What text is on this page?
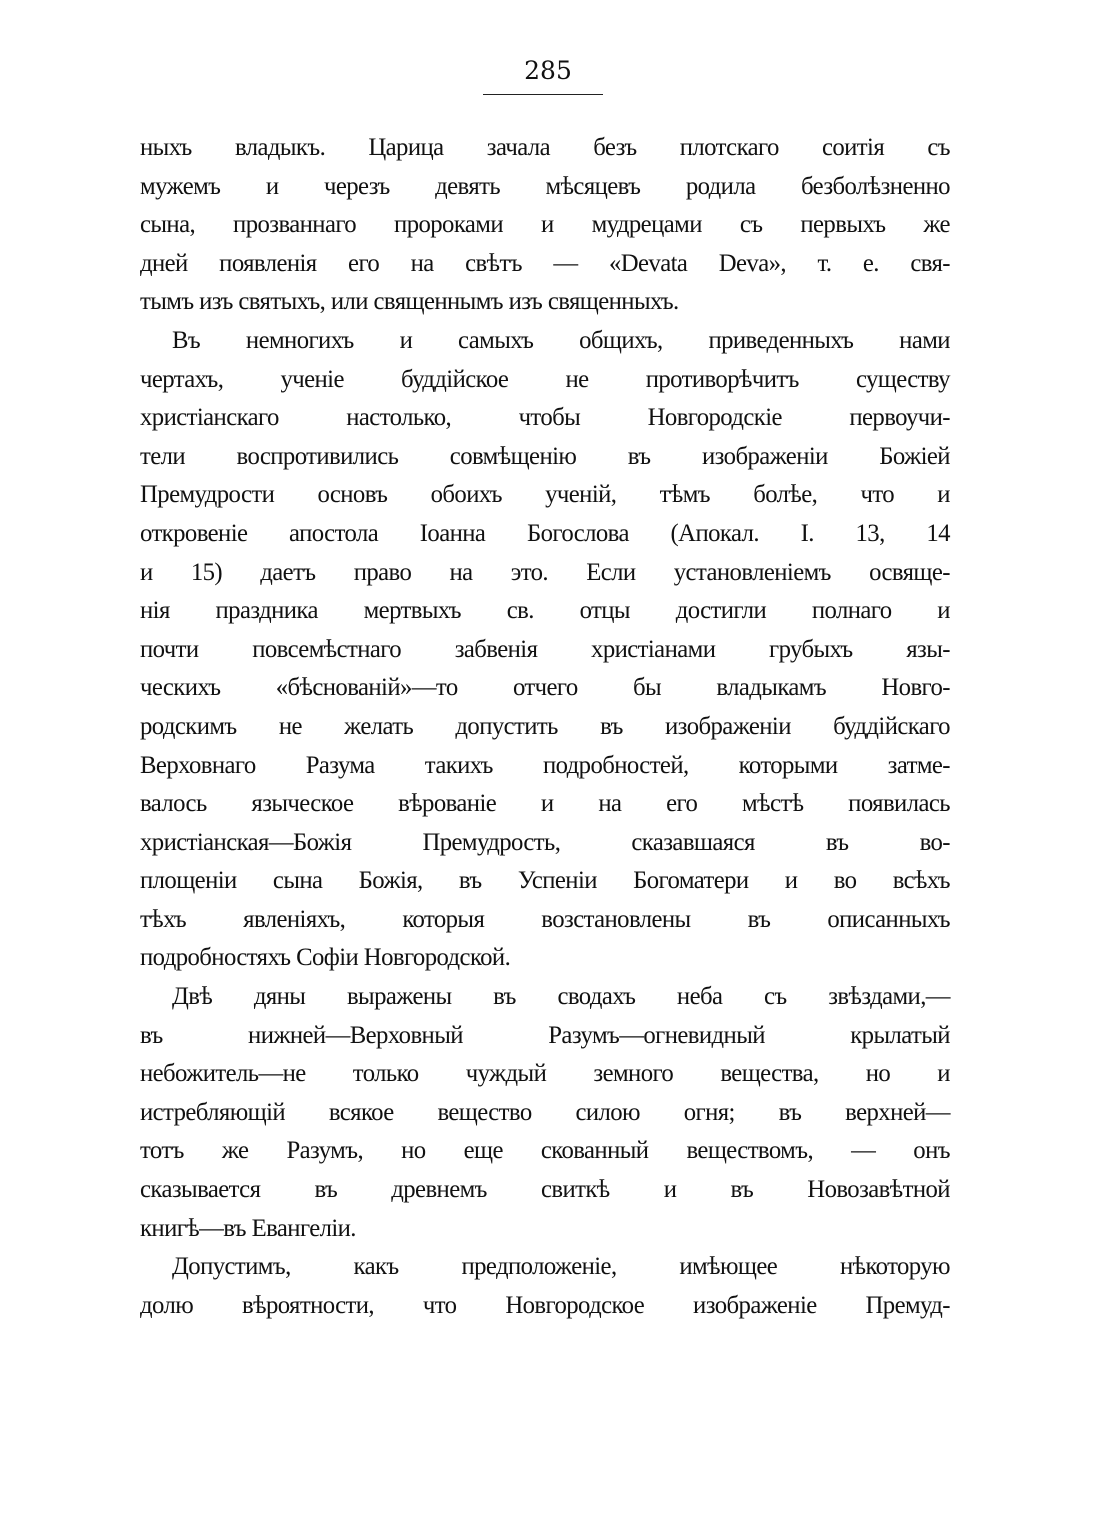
285
ныхъ владыкъ. Царица зачала безъ плотскаго соитія съ
мужемъ и черезъ девять мѣсяцевъ родила безболѣзненно
сына, прозваннаго пророками и мудрецами съ первыхъ же
дней появленія его на свѣтъ — «Devata Deva», т. е. свя-
тымъ изъ святыхъ, или священнымъ изъ священныхъ.
Въ немногихъ и самыхъ общихъ, приведенныхъ нами
чертахъ, ученіе буддійское не противорѣчитъ существу
христіанскаго настолько, чтобы Новгородскіе первоучи-
тели воспротивились совмѣщенію въ изображеніи Божіей
Премудрости основъ обоихъ ученій, тѣмъ болѣе, что и
откровеніе апостола Іоанна Богослова (Апокал. І. 13, 14
и 15) даетъ право на это. Если установленіемъ освяще-
нія праздника мертвыхъ св. отцы достигли полнаго и
почти повсемѣстнаго забвенія христіанами грубыхъ язы-
ческихъ «бѣснованій»—то отчего бы владыкамъ Новго-
родскимъ не желать допустить въ изображеніи буддійскаго
Верховнаго Разума такихъ подробностей, которыми затме-
валось языческое вѣрованіе и на его мѣстѣ появилась
христіанская—Божія Премудрость, сказавшаяся въ во-
площеніи сына Божія, въ Успеніи Богоматери и во всѣхъ
тѣхъ явленіяхъ, которыя возстановлены въ описанныхъ
подробностяхъ Софіи Новгородской.
Двѣ дяны выражены въ сводахъ неба съ звѣздами,—
въ нижней—Верховный Разумъ—огневидный крылатый
небожитель—не только чуждый земного вещества, но и
истребляющій всякое вещество силою огня; въ верхней—
тотъ же Разумъ, но еще скованный веществомъ, — онъ
сказывается въ древнемъ свиткѣ и въ Новозавѣтной
книгѣ—въ Евангеліи.
Допустимъ, какъ предположеніе, имѣющее нѣкоторую
долю вѣроятности, что Новгородское изображеніе Премуд-
